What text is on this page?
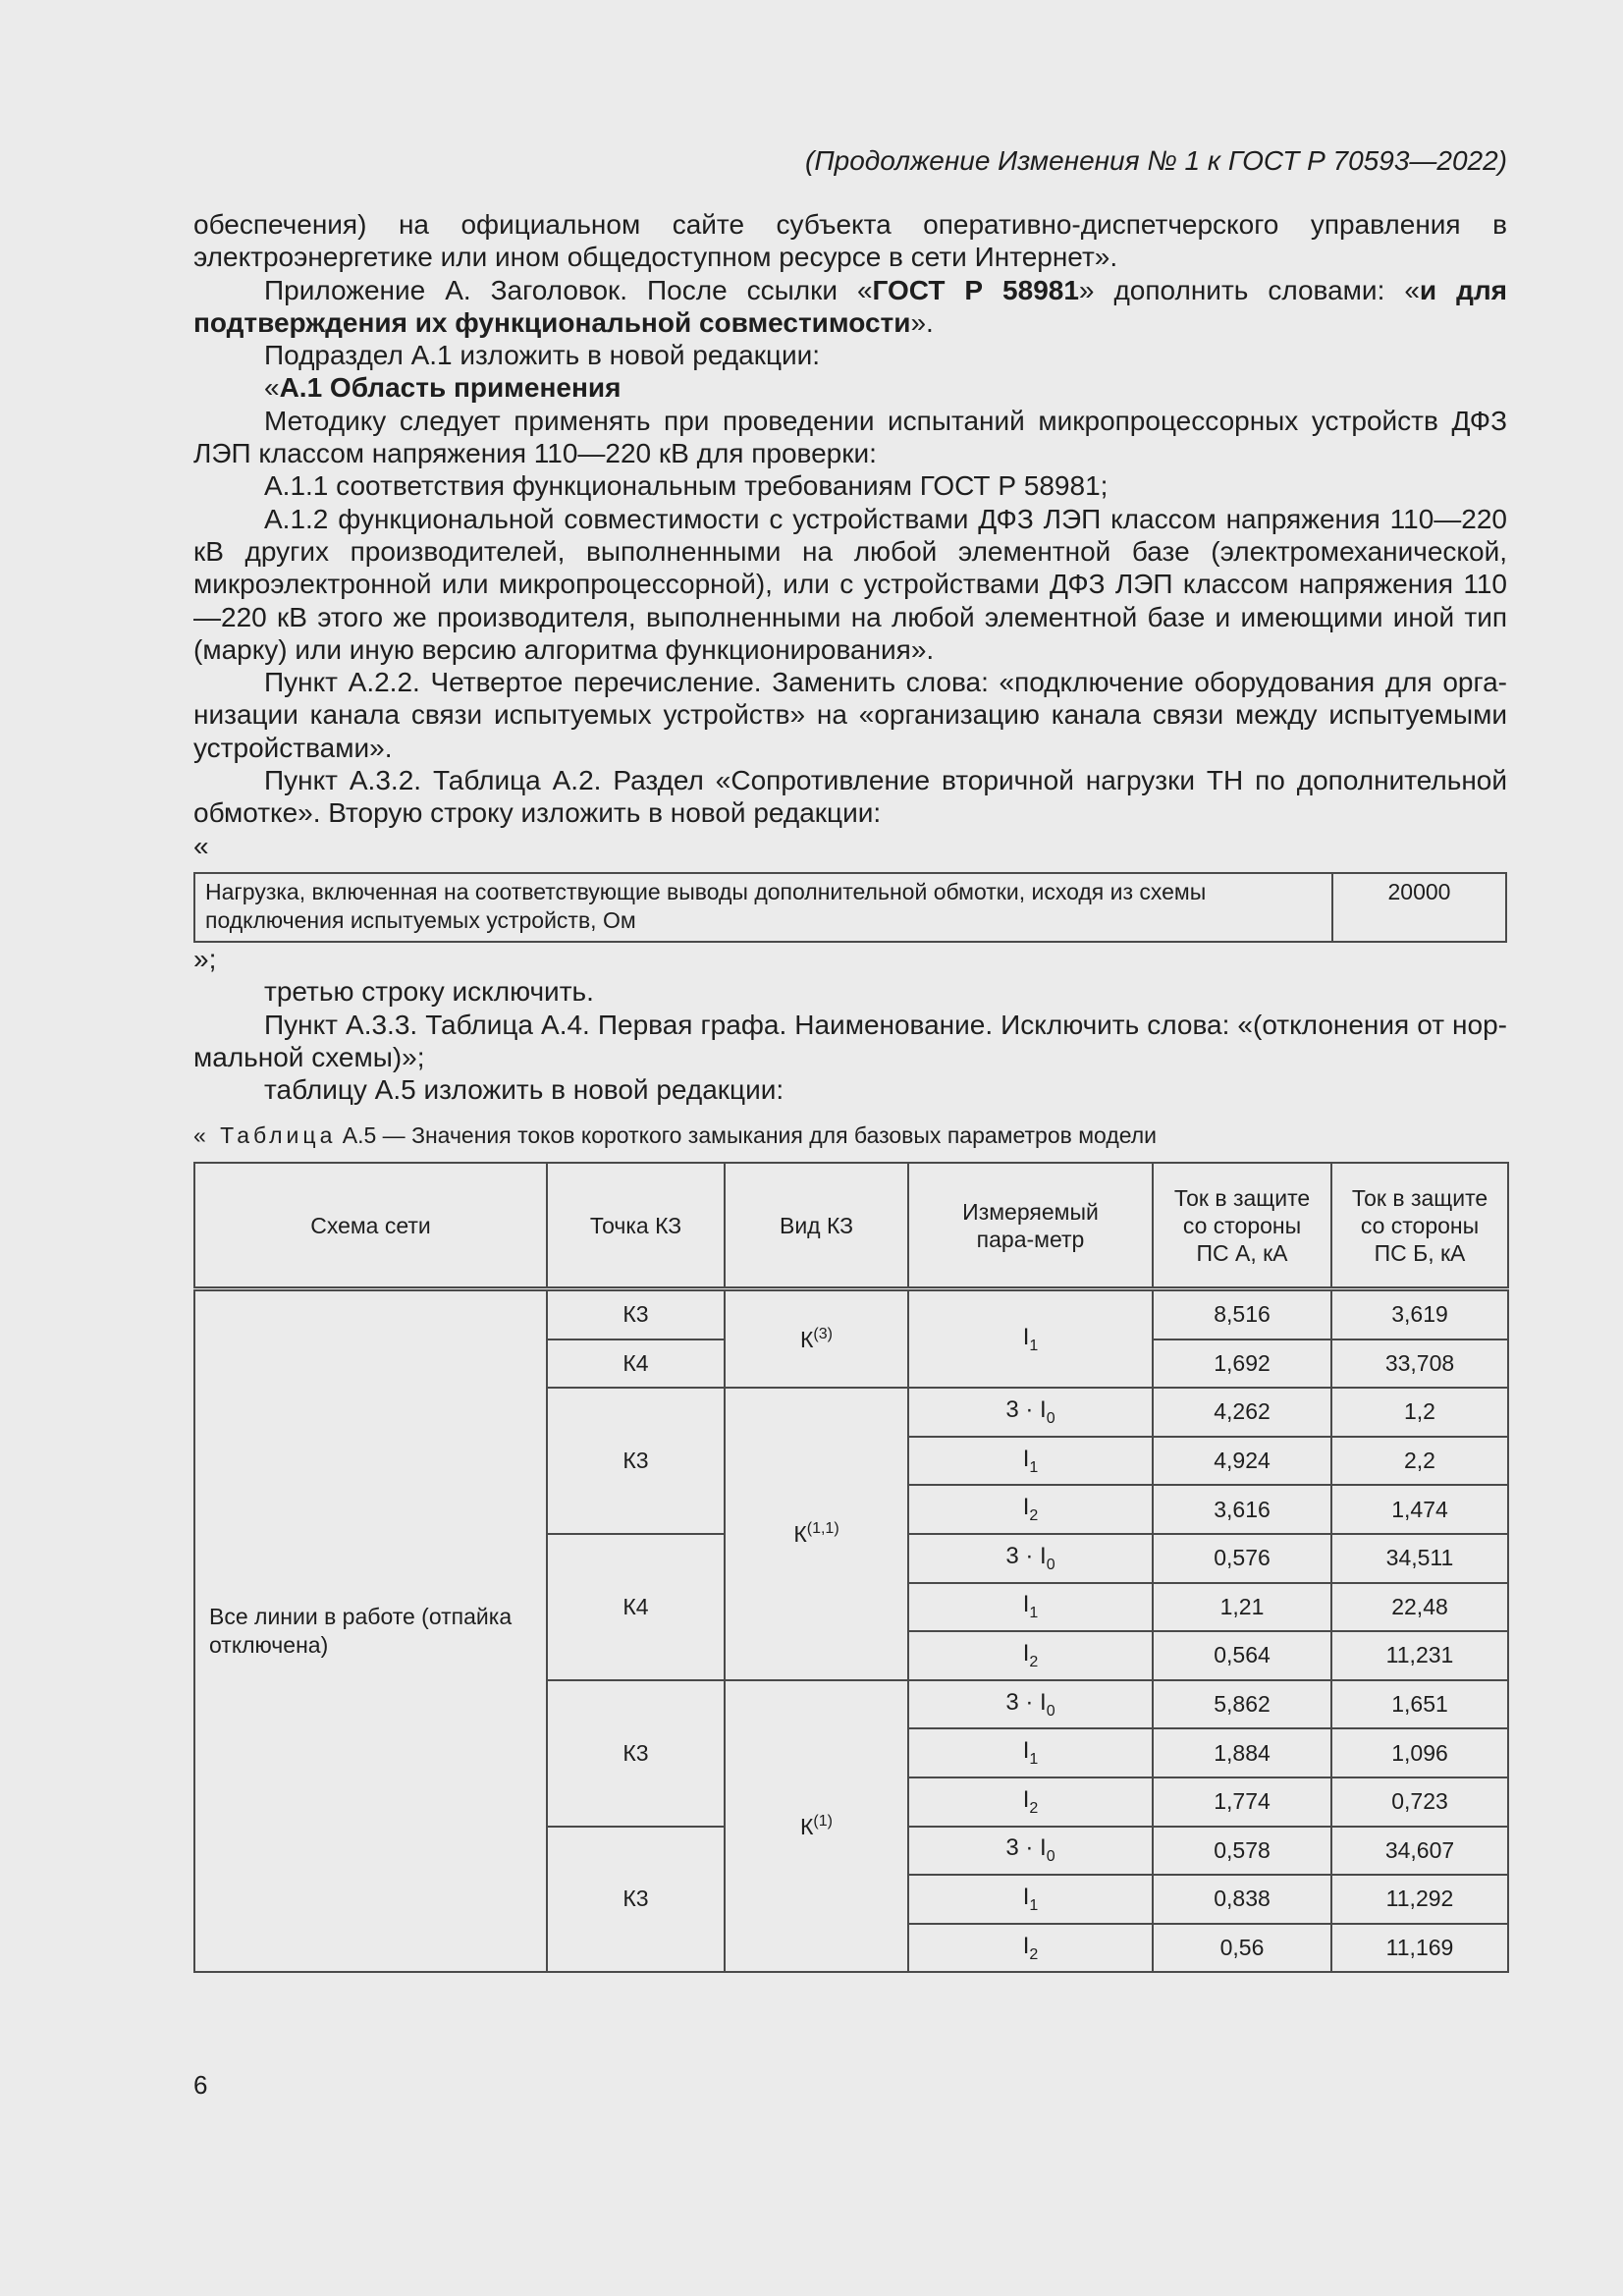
(Продолжение Изменения № 1 к ГОСТ Р 70593—2022)

обеспечения) на официальном сайте субъекта оперативно-диспетчерского управления в электроэнергетике или ином общедоступном ресурсе в сети Интернет».

Приложение А. Заголовок. После ссылки «ГОСТ Р 58981» дополнить словами: «и для подтверждения их функциональной совместимости».

Подраздел А.1 изложить в новой редакции:

«А.1 Область применения

Методику следует применять при проведении испытаний микропроцессорных устройств ДФЗ ЛЭП классом напряжения 110—220 кВ для проверки:

А.1.1 соответствия функциональным требованиям ГОСТ Р 58981;

А.1.2 функциональной совместимости с устройствами ДФЗ ЛЭП классом напряжения 110—220 кВ других производителей, выполненными на любой элементной базе (электромеханической, микроэлектронной или микропроцессорной), или с устройствами ДФЗ ЛЭП классом напряжения 110—220 кВ этого же производителя, выполненными на любой элементной базе и имеющими иной тип (марку) или иную версию алгоритма функционирования».

Пункт А.2.2. Четвертое перечисление. Заменить слова: «подключение оборудования для организации канала связи испытуемых устройств» на «организацию канала связи между испытуемыми устройствами».

Пункт А.3.2. Таблица А.2. Раздел «Сопротивление вторичной нагрузки ТН по дополнительной обмотке». Вторую строку изложить в новой редакции:

«

Нагрузка, включенная на соответствующие выводы дополнительной обмотки, исходя из схемы подключения испытуемых устройств, Ом	20000

»;

третью строку исключить.

Пункт А.3.3. Таблица А.4. Первая графа. Наименование. Исключить слова: «(отклонения от нормальной схемы)»;

таблицу А.5 изложить в новой редакции:

« Таблица А.5 — Значения токов короткого замыкания для базовых параметров модели
Схема сети	Точка КЗ	Вид КЗ	Измеряемый пара-метр	Ток в защите со стороны ПС А, кА	Ток в защите со стороны ПС Б, кА
Все линии в работе (отпайка отключена)	К3	$К^{(3)}$	$I_1$	8,516	3,619
	К4			1,692	33,708
	К3	К$^{(1,1)}$	$3 \cdot I_0$	4,262	1,2
			$I_1$	4,924	2,2
			$I_2$	3,616	1,474
	К4		$3 \cdot I_0$	0,576	34,511
			$I_1$	1,21	22,48
			$I_2$	0,564	11,231
	К3	$К^{(1)}$	$3 \cdot I_0$	5,862	1,651
			$I_1$	1,884	1,096
			$I_2$	1,774	0,723
	К3		$3 \cdot I_0$	0,578	34,607
			$I_1$	0,838	11,292
			$I_2$	0,56	11,169
6
